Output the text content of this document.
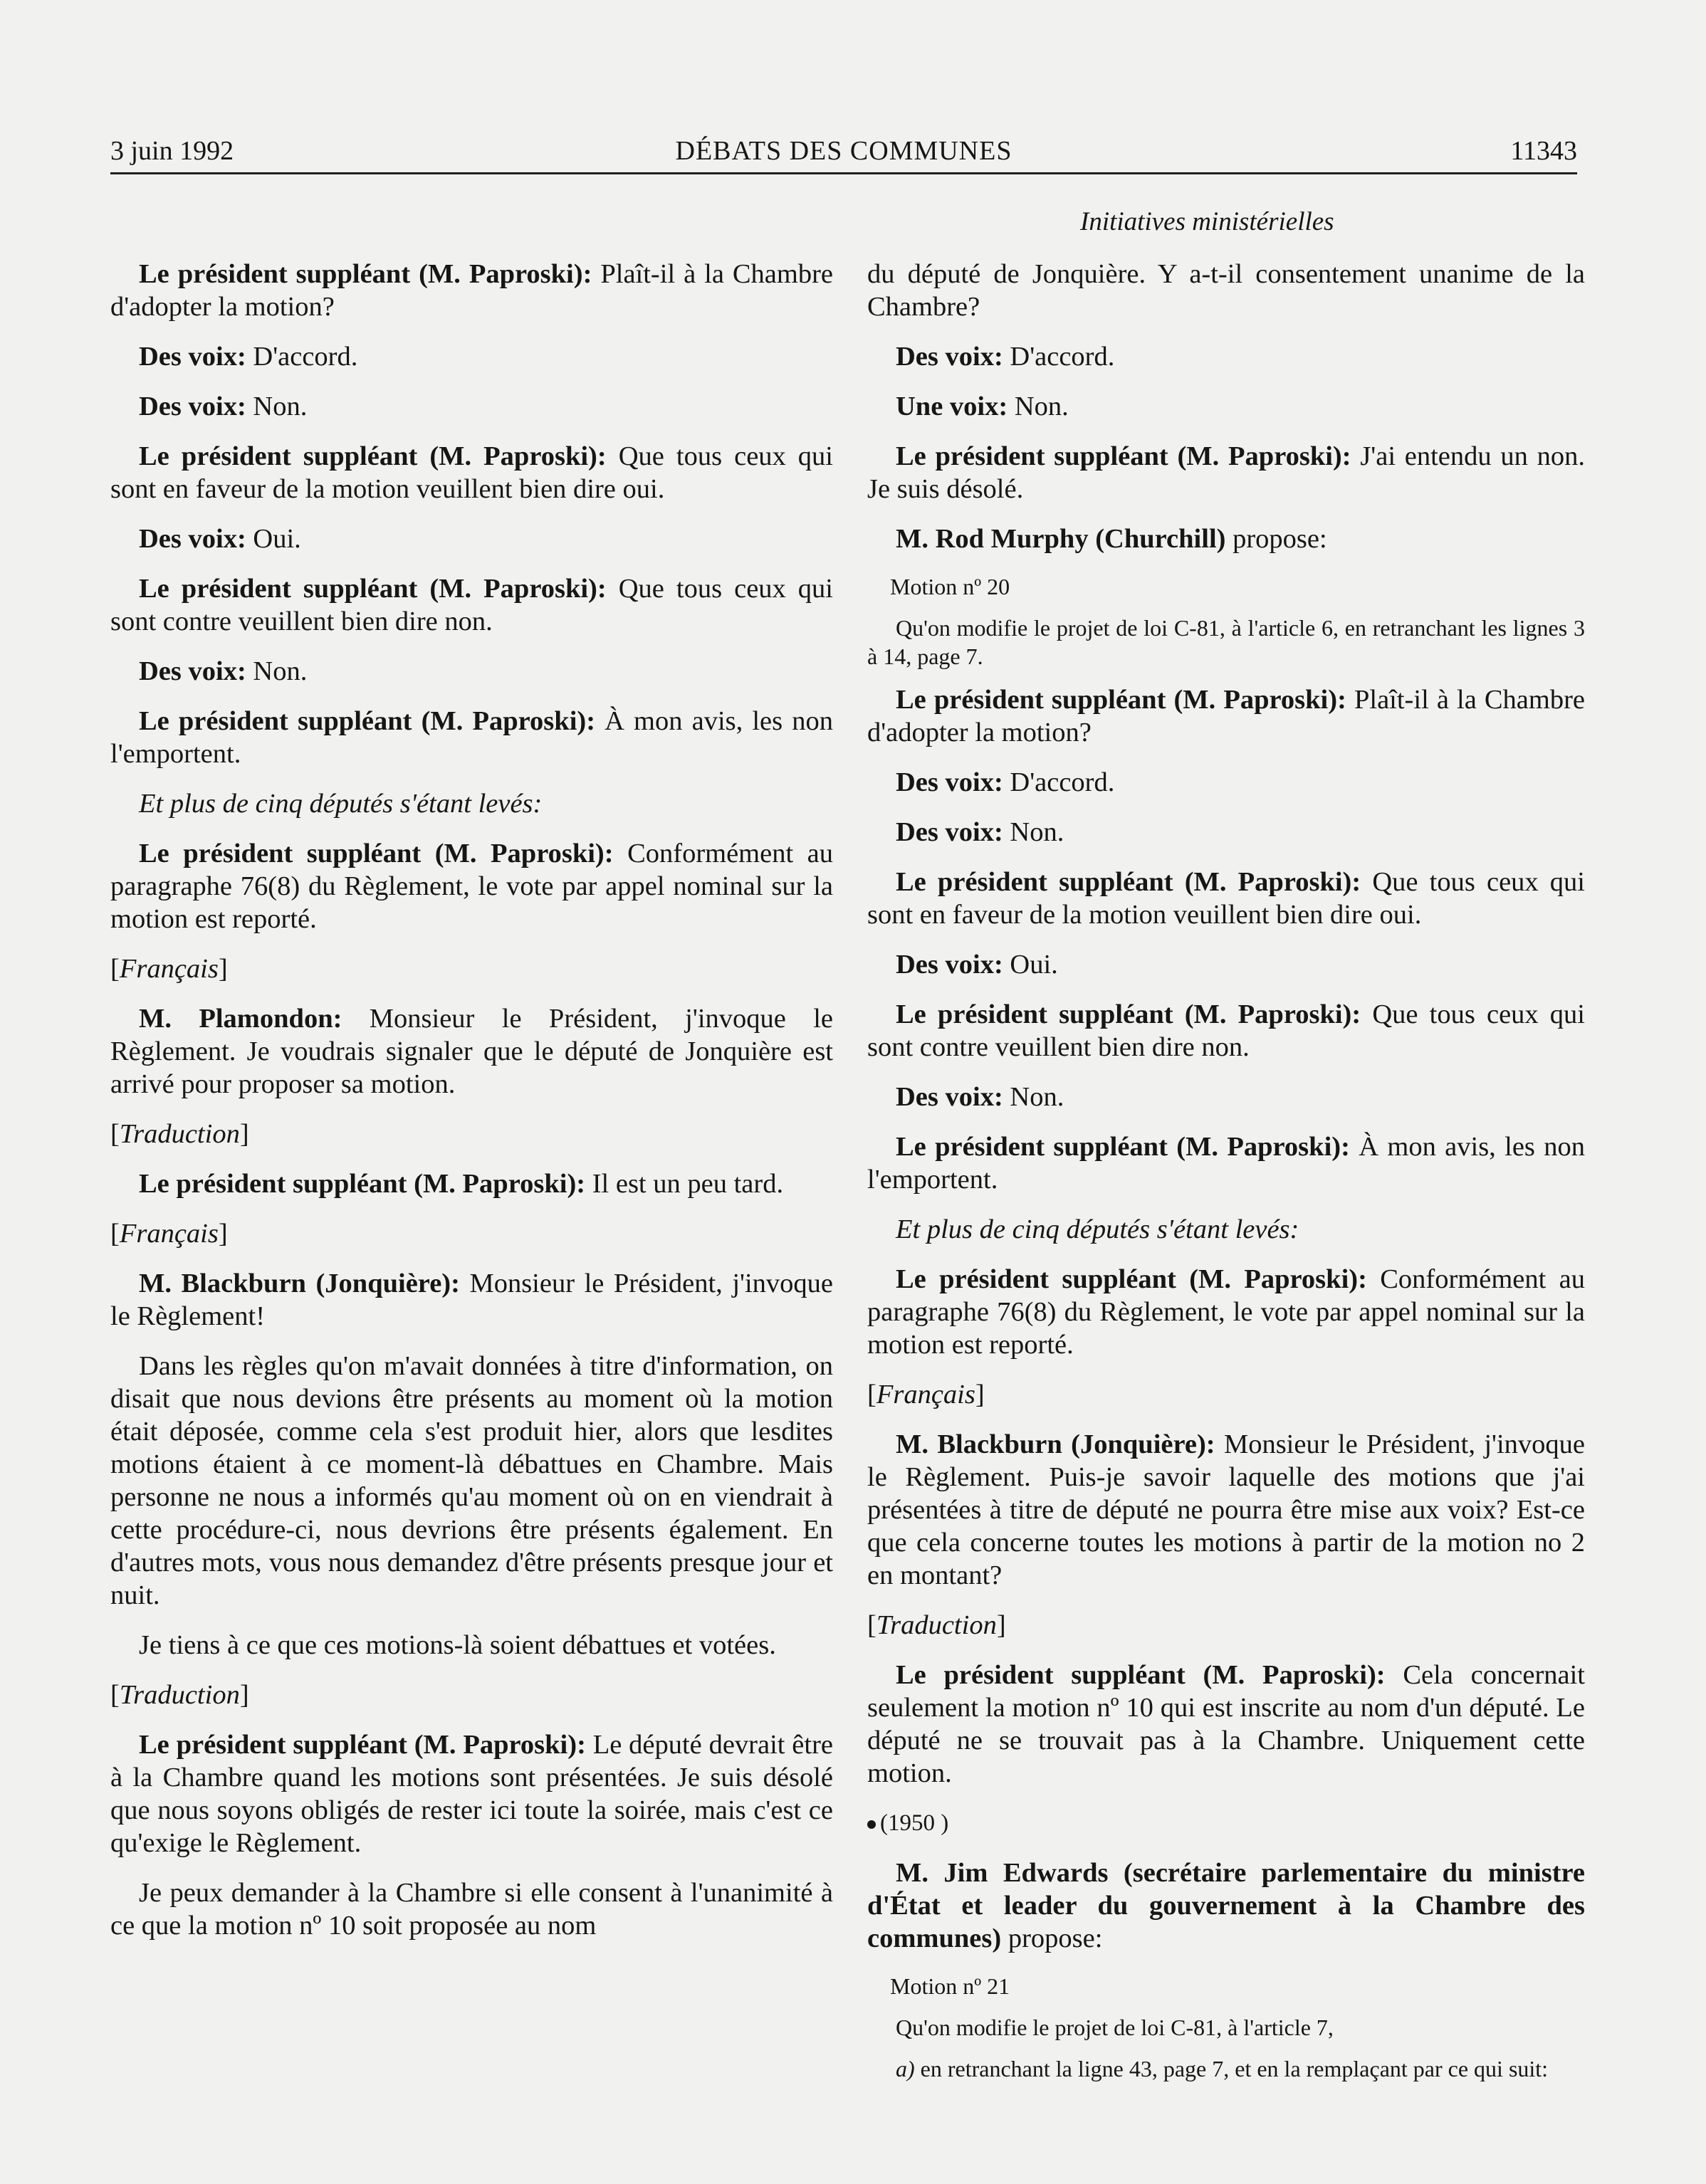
3 juin 1992	DÉBATS DES COMMUNES	11343
Initiatives ministérielles

Le président suppléant (M. Paproski): Plaît-il à la Chambre d'adopter la motion?

Des voix: D'accord.

Des voix: Non.

Le président suppléant (M. Paproski): Que tous ceux qui sont en faveur de la motion veuillent bien dire oui.

Des voix: Oui.

Le président suppléant (M. Paproski): Que tous ceux qui sont contre veuillent bien dire non.

Des voix: Non.

Le président suppléant (M. Paproski): À mon avis, les non l'emportent.

Et plus de cinq députés s'étant levés:

Le président suppléant (M. Paproski): Conformément au paragraphe 76(8) du Règlement, le vote par appel nominal sur la motion est reporté.

[Français]

M. Plamondon: Monsieur le Président, j'invoque le Règlement. Je voudrais signaler que le député de Jonquière est arrivé pour proposer sa motion.

[Traduction]

Le président suppléant (M. Paproski): Il est un peu tard.

[Français]

M. Blackburn (Jonquière): Monsieur le Président, j'invoque le Règlement!

Dans les règles qu'on m'avait données à titre d'information, on disait que nous devions être présents au moment où la motion était déposée, comme cela s'est produit hier, alors que lesdites motions étaient à ce moment-là débattues en Chambre. Mais personne ne nous a informés qu'au moment où on en viendrait à cette procédure-ci, nous devrions être présents également. En d'autres mots, vous nous demandez d'être présents presque jour et nuit.

Je tiens à ce que ces motions-là soient débattues et votées.

[Traduction]

Le président suppléant (M. Paproski): Le député devrait être à la Chambre quand les motions sont présentées. Je suis désolé que nous soyons obligés de rester ici toute la soirée, mais c'est ce qu'exige le Règlement.

Je peux demander à la Chambre si elle consent à l'unanimité à ce que la motion nº 10 soit proposée au nom

du député de Jonquière. Y a-t-il consentement unanime de la Chambre?

Des voix: D'accord.

Une voix: Non.

Le président suppléant (M. Paproski): J'ai entendu un non. Je suis désolé.

M. Rod Murphy (Churchill) propose:

Motion nº 20

Qu'on modifie le projet de loi C-81, à l'article 6, en retranchant les lignes 3 à 14, page 7.

Le président suppléant (M. Paproski): Plaît-il à la Chambre d'adopter la motion?

Des voix: D'accord.

Des voix: Non.

Le président suppléant (M. Paproski): Que tous ceux qui sont en faveur de la motion veuillent bien dire oui.

Des voix: Oui.

Le président suppléant (M. Paproski): Que tous ceux qui sont contre veuillent bien dire non.

Des voix: Non.

Le président suppléant (M. Paproski): À mon avis, les non l'emportent.

Et plus de cinq députés s'étant levés:

Le président suppléant (M. Paproski): Conformément au paragraphe 76(8) du Règlement, le vote par appel nominal sur la motion est reporté.

[Français]

M. Blackburn (Jonquière): Monsieur le Président, j'invoque le Règlement. Puis-je savoir laquelle des motions que j'ai présentées à titre de député ne pourra être mise aux voix? Est-ce que cela concerne toutes les motions à partir de la motion no 2 en montant?

[Traduction]

Le président suppléant (M. Paproski): Cela concernait seulement la motion nº 10 qui est inscrite au nom d'un député. Le député ne se trouvait pas à la Chambre. Uniquement cette motion.

(1950 )

M. Jim Edwards (secrétaire parlementaire du ministre d'État et leader du gouvernement à la Chambre des communes) propose:

Motion nº 21

Qu'on modifie le projet de loi C-81, à l'article 7,

a) en retranchant la ligne 43, page 7, et en la remplaçant par ce qui suit:
